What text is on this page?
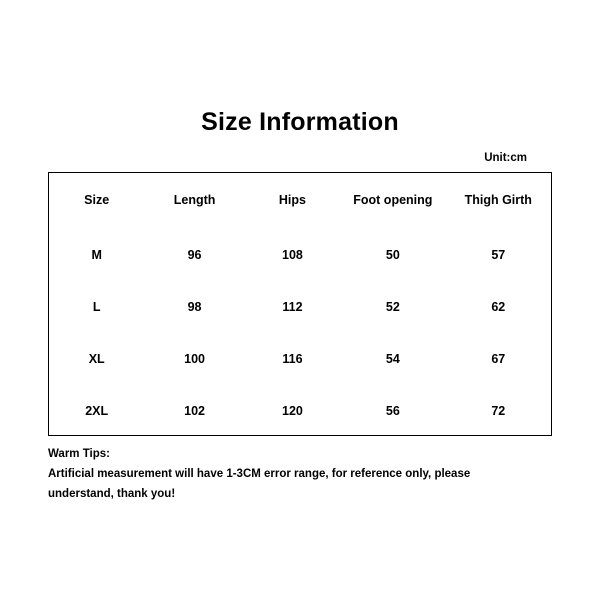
Size Information
Unit:cm
Size	Length	Hips	Foot opening	Thigh Girth
M	96	108	50	57
L	98	112	52	62
XL	100	116	54	67
2XL	102	120	56	72
Warm Tips:
Artificial measurement will have 1-3CM error range, for reference only, please
understand, thank you!
